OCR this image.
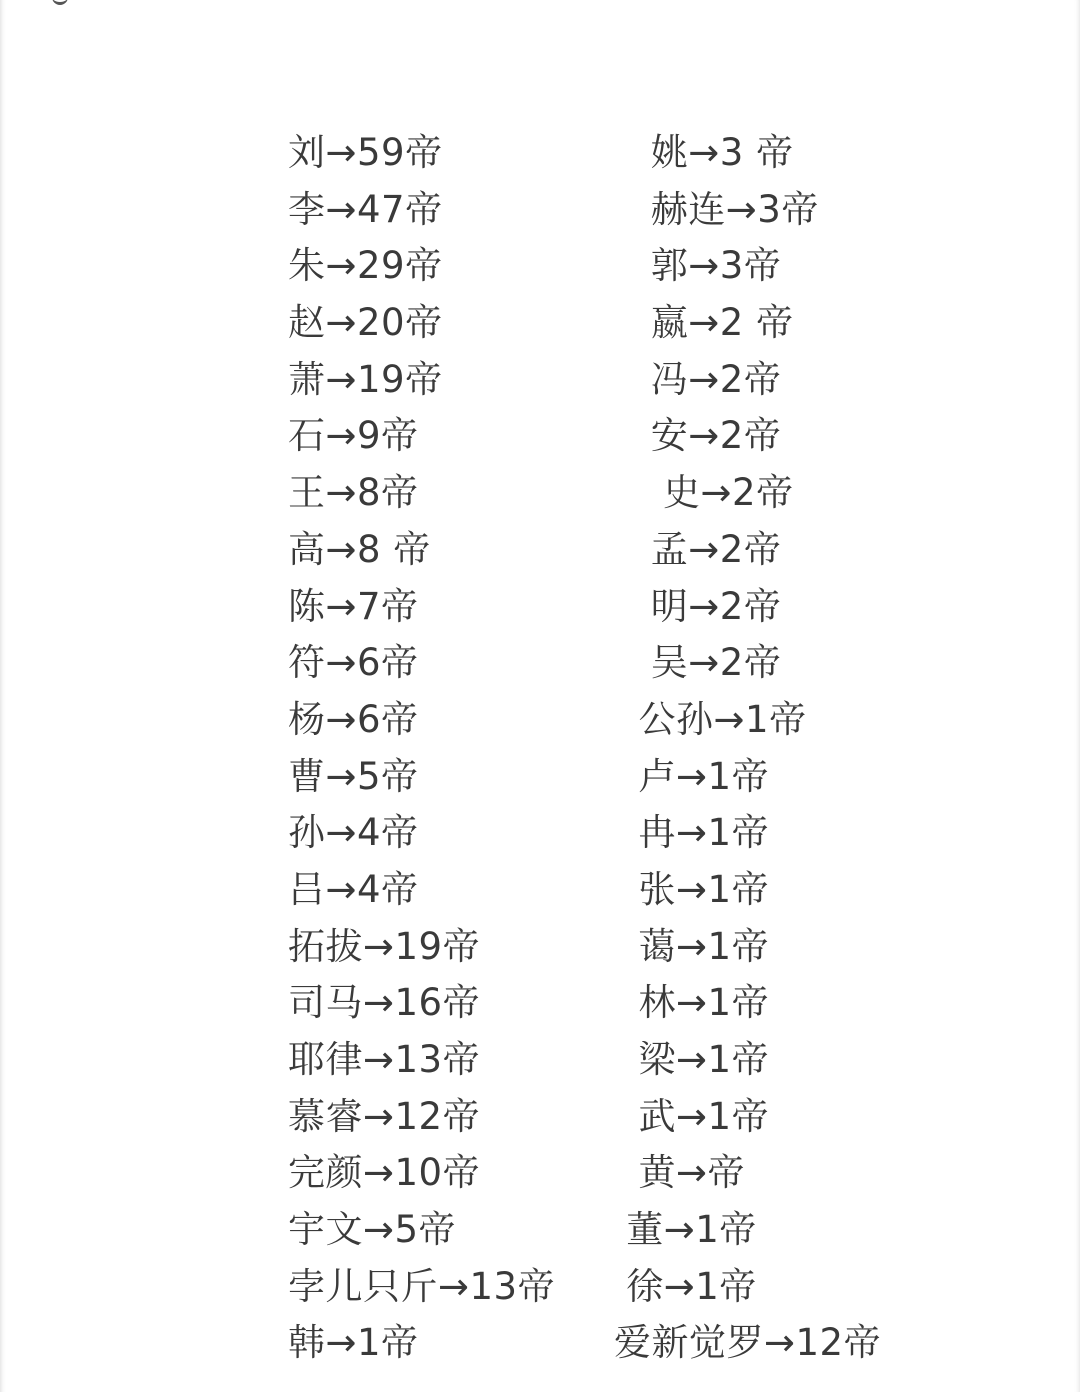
刘→59帝
李→47帝
朱→29帝
赵→20帝
萧→19帝
石→9帝
王→8帝
高→8 帝
陈→7帝
符→6帝
杨→6帝
曹→5帝
孙→4帝
吕→4帝
拓拔→19帝
司马→16帝
耶律→13帝
慕睿→12帝
完颜→10帝
宇文→5帝
孛儿只斤→13帝
韩→1帝
姚→3 帝
赫连→3帝
郭→3帝
嬴→2 帝
冯→2帝
安→2帝
史→2帝
孟→2帝
明→2帝
吴→2帝
公孙→1帝
卢→1帝
冉→1帝
张→1帝
蔼→1帝
林→1帝
梁→1帝
武→1帝
黄→帝
董→1帝
徐→1帝
爱新觉罗→12帝
